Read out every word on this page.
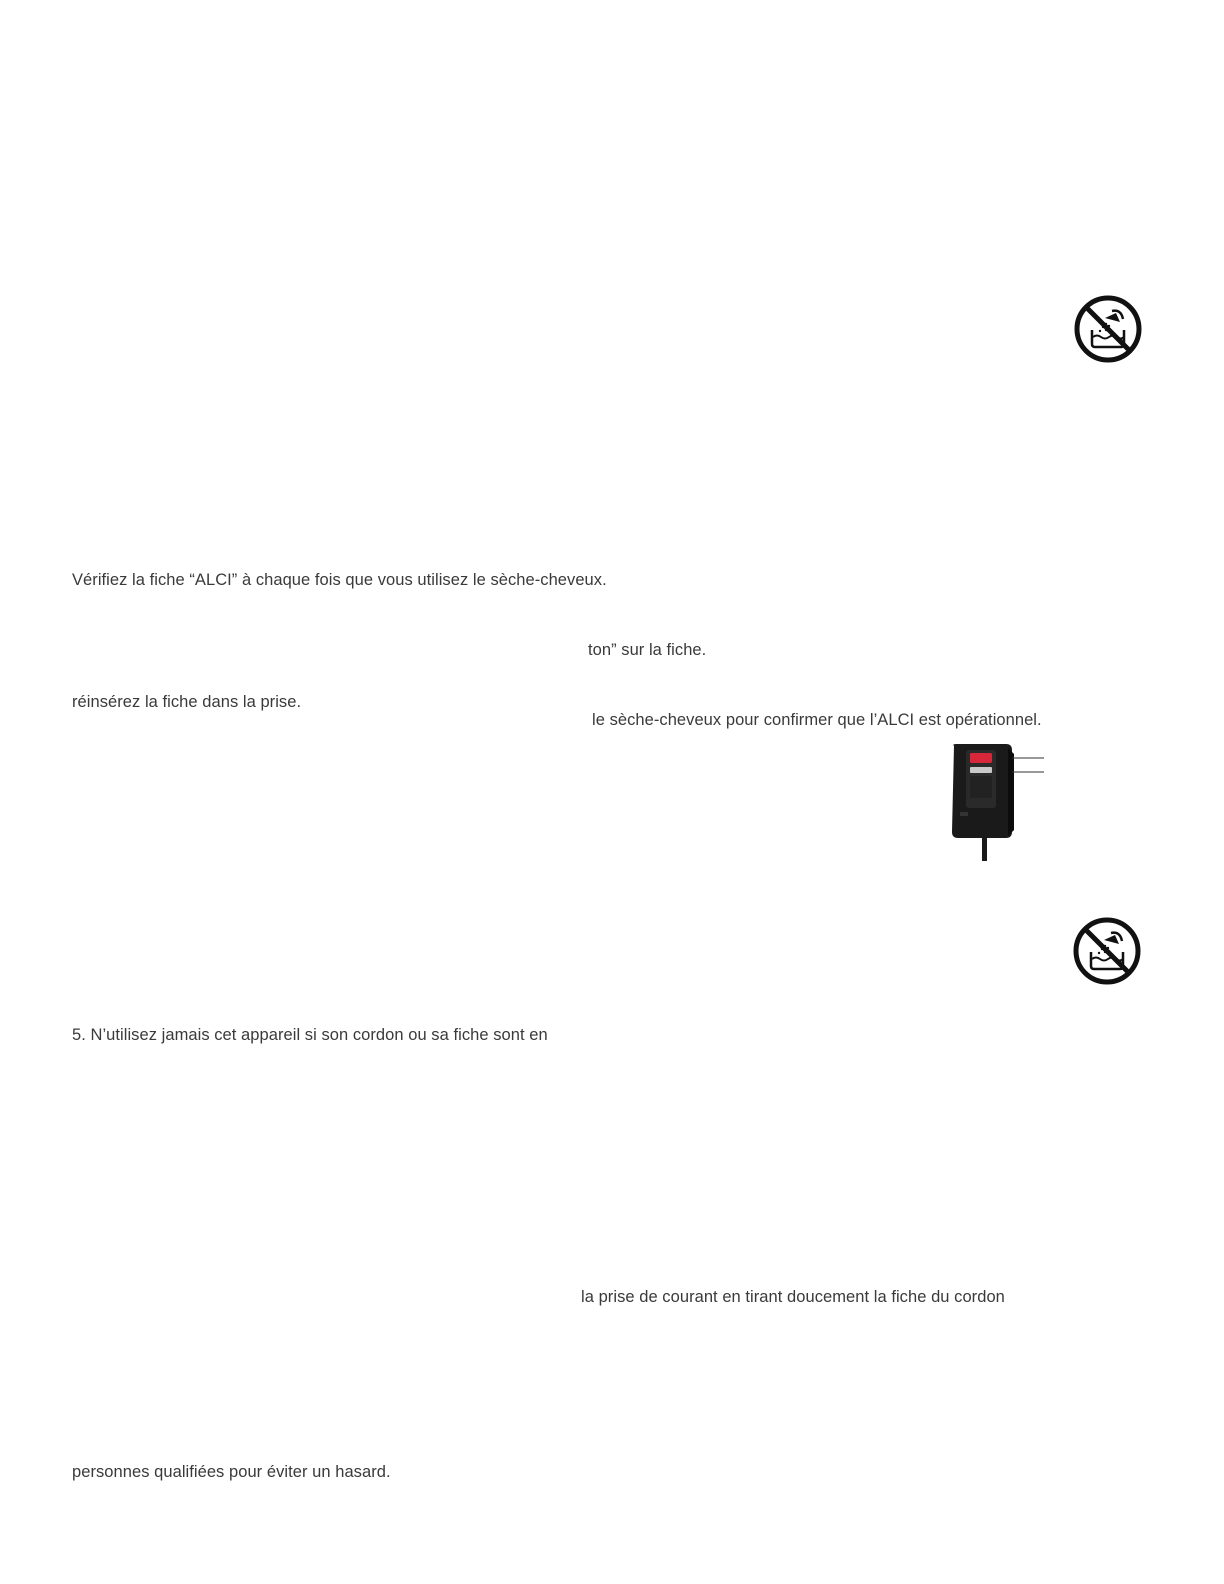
Vérifiez la fiche “ALCI” à chaque fois que vous utilisez le sèche-cheveux.
ton” sur la fiche.
réinsérez la fiche dans la prise.
le sèche-cheveux pour confirmer que l’ALCI est opérationnel.
5. N’utilisez jamais cet appareil si son cordon ou sa fiche sont en
la prise de courant en tirant doucement la fiche du cordon
personnes qualifiées pour éviter un hasard.
